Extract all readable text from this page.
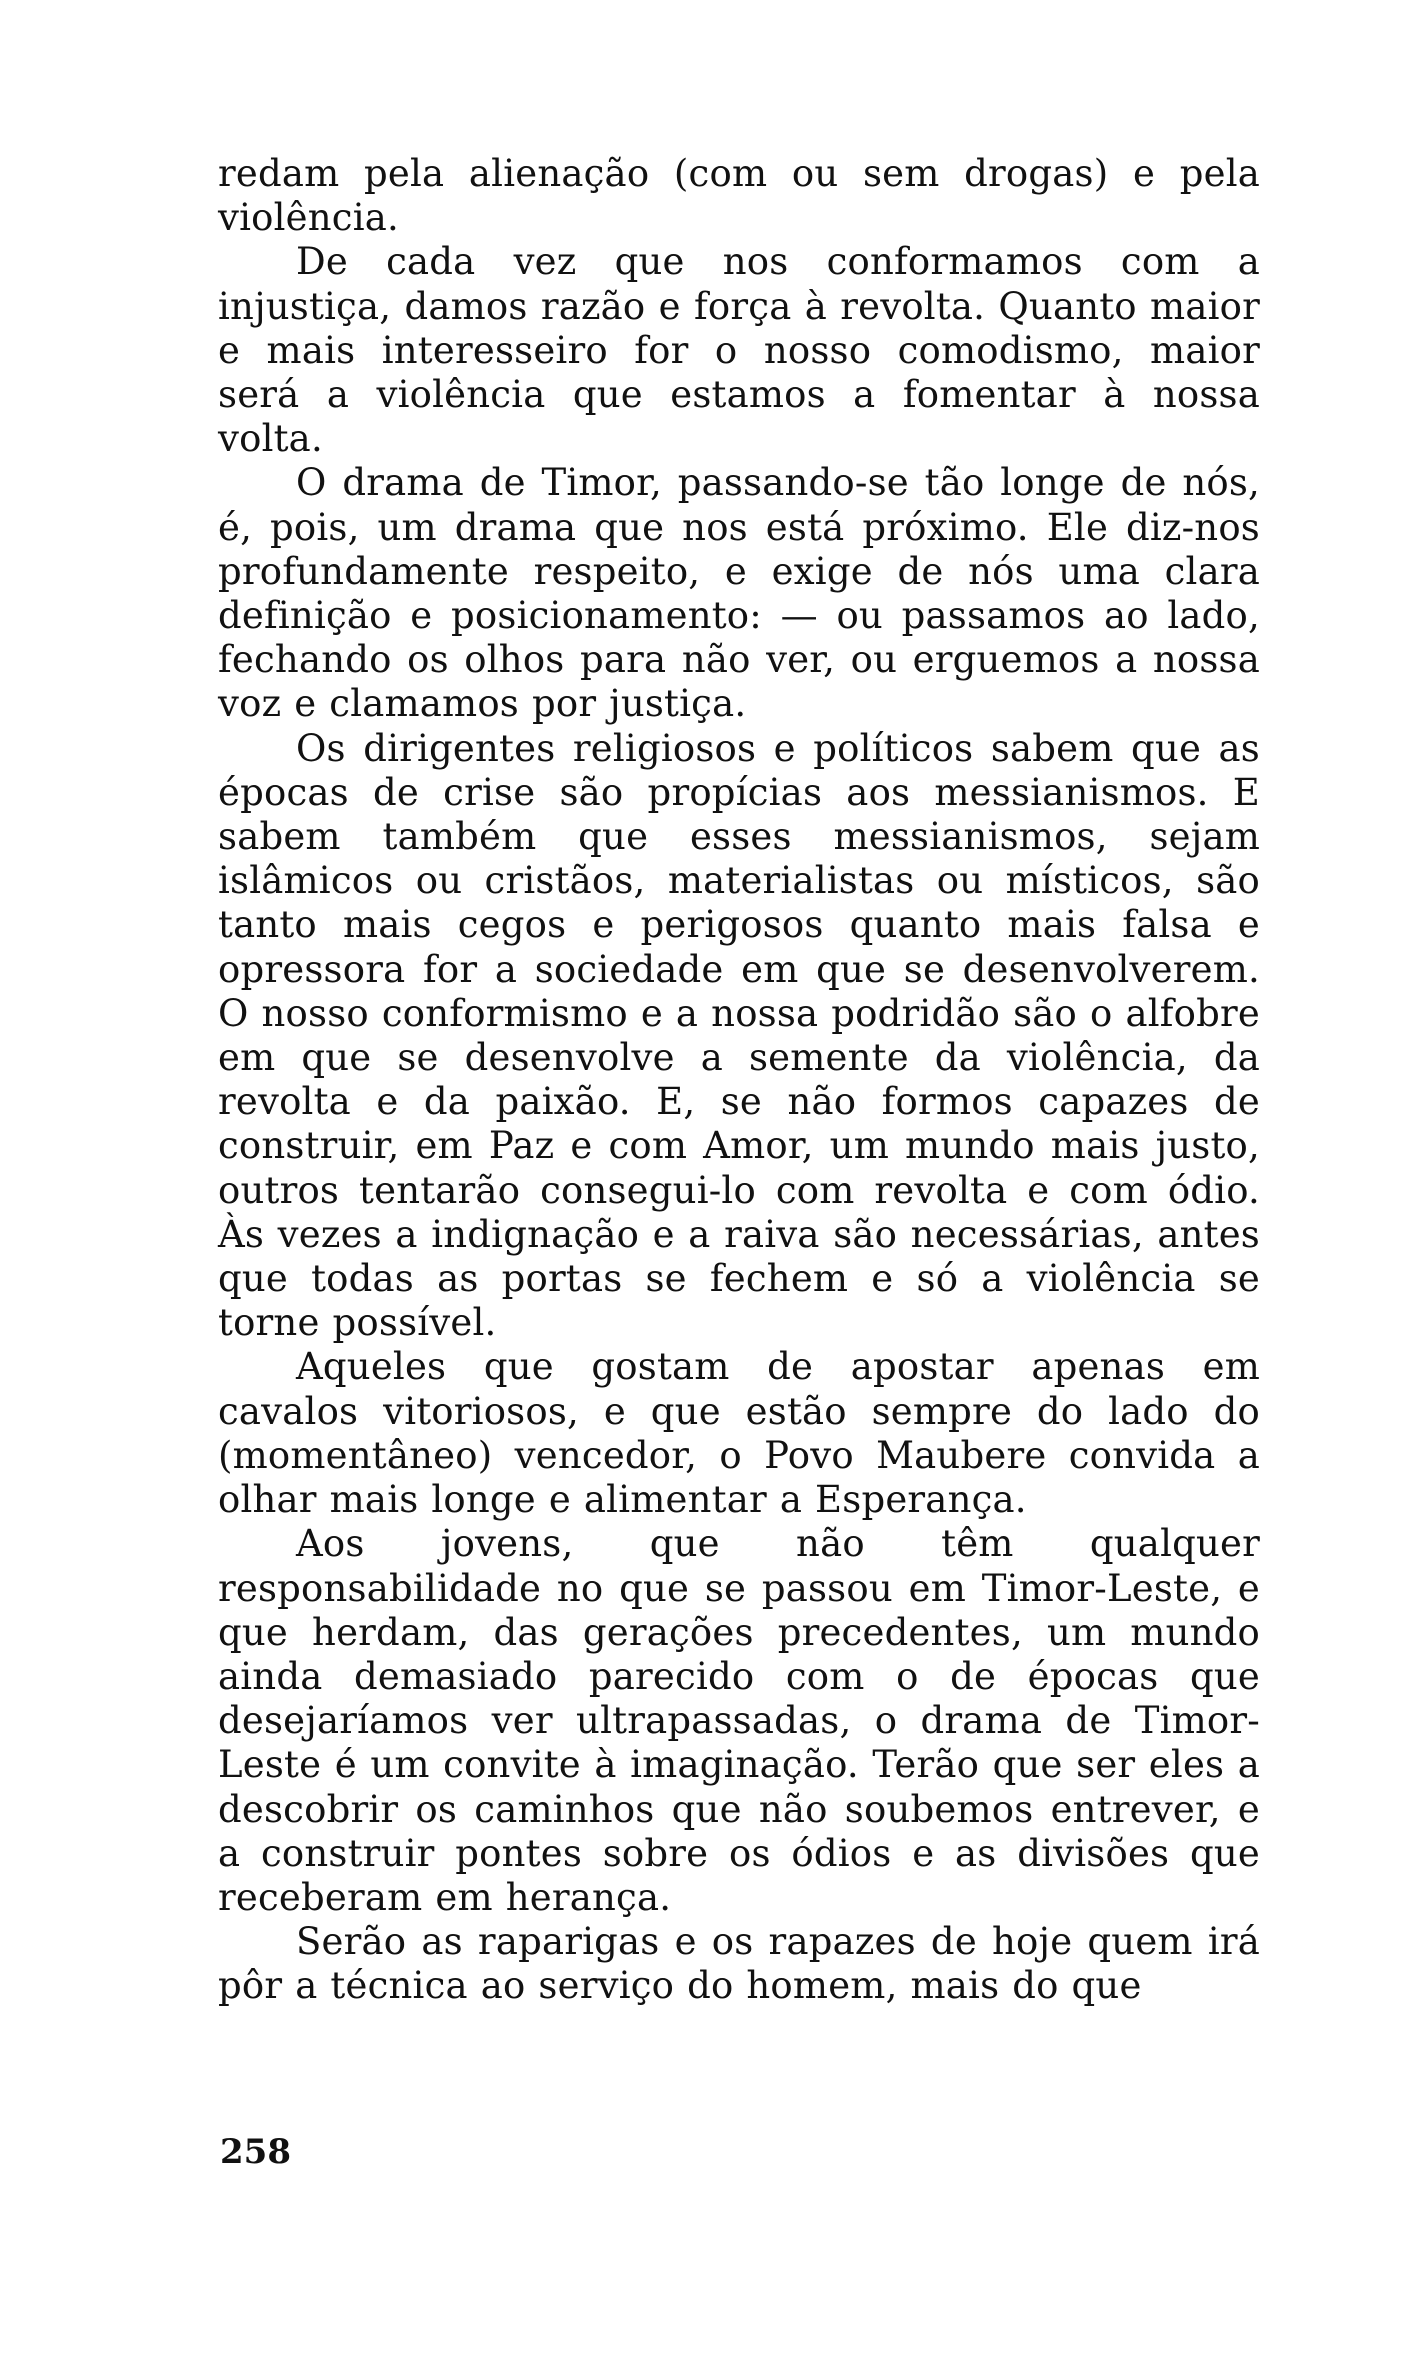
redam pela alienação (com ou sem drogas) e pela violência.

De cada vez que nos conformamos com a injustiça, damos razão e força à revolta. Quanto maior e mais interesseiro for o nosso comodismo, maior será a violência que estamos a fomentar à nossa volta.

O drama de Timor, passando-se tão longe de nós, é, pois, um drama que nos está próximo. Ele diz-nos profundamente respeito, e exige de nós uma clara definição e posicionamento: — ou passamos ao lado, fechando os olhos para não ver, ou erguemos a nossa voz e clamamos por justiça.

Os dirigentes religiosos e políticos sabem que as épocas de crise são propícias aos messianismos. E sabem também que esses messianismos, sejam islâmicos ou cristãos, materialistas ou místicos, são tanto mais cegos e perigosos quanto mais falsa e opressora for a sociedade em que se desenvolverem. O nosso conformismo e a nossa podridão são o alfobre em que se desenvolve a semente da violência, da revolta e da paixão. E, se não formos capazes de construir, em Paz e com Amor, um mundo mais justo, outros tentarão consegui-lo com revolta e com ódio. Às vezes a indignação e a raiva são necessárias, antes que todas as portas se fechem e só a violência se torne possível.

Aqueles que gostam de apostar apenas em cavalos vitoriosos, e que estão sempre do lado do (momentâneo) vencedor, o Povo Maubere convida a olhar mais longe e alimentar a Esperança.

Aos jovens, que não têm qualquer responsabilidade no que se passou em Timor-Leste, e que herdam, das gerações precedentes, um mundo ainda demasiado parecido com o de épocas que desejaríamos ver ultrapassadas, o drama de Timor-Leste é um convite à imaginação. Terão que ser eles a descobrir os caminhos que não soubemos entrever, e a construir pontes sobre os ódios e as divisões que receberam em herança.

Serão as raparigas e os rapazes de hoje quem irá pôr a técnica ao serviço do homem, mais do que

258
